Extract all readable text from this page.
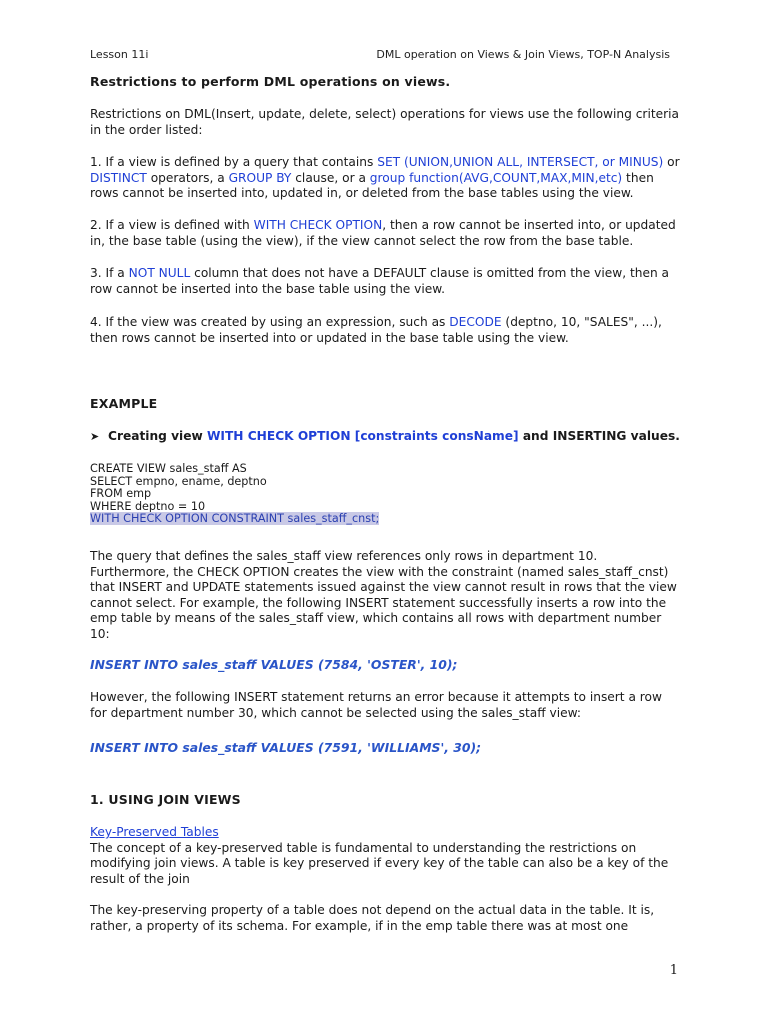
Lesson 11i	DML operation on Views & Join Views, TOP-N Analysis

Restrictions to perform DML operations on views.

Restrictions on DML(Insert, update, delete, select) operations for views use the following criteria in the order listed:

1. If a view is defined by a query that contains SET (UNION,UNION ALL, INTERSECT, or MINUS) or DISTINCT operators, a GROUP BY clause, or a group function(AVG,COUNT,MAX,MIN,etc) then rows cannot be inserted into, updated in, or deleted from the base tables using the view.

2. If a view is defined with WITH CHECK OPTION, then a row cannot be inserted into, or updated in, the base table (using the view), if the view cannot select the row from the base table.

3. If a NOT NULL column that does not have a DEFAULT clause is omitted from the view, then a row cannot be inserted into the base table using the view.

4. If the view was created by using an expression, such as DECODE (deptno, 10, "SALES", ...), then rows cannot be inserted into or updated in the base table using the view.

EXAMPLE

➤ Creating view WITH CHECK OPTION [constraints consName] and INSERTING values.

CREATE VIEW sales_staff AS

SELECT empno, ename, deptno

FROM emp

WHERE deptno = 10

WITH CHECK OPTION CONSTRAINT sales_staff_cnst;

The query that defines the sales_staff view references only rows in department 10. Furthermore, the CHECK OPTION creates the view with the constraint (named sales_staff_cnst) that INSERT and UPDATE statements issued against the view cannot result in rows that the view cannot select. For example, the following INSERT statement successfully inserts a row into the emp table by means of the sales_staff view, which contains all rows with department number 10:

INSERT INTO sales_staff VALUES (7584, 'OSTER', 10);

However, the following INSERT statement returns an error because it attempts to insert a row for department number 30, which cannot be selected using the sales_staff view:

INSERT INTO sales_staff VALUES (7591, 'WILLIAMS', 30);

1. USING JOIN VIEWS

Key-Preserved Tables

The concept of a key-preserved table is fundamental to understanding the restrictions on modifying join views. A table is key preserved if every key of the table can also be a key of the result of the join

The key-preserving property of a table does not depend on the actual data in the table. It is, rather, a property of its schema. For example, if in the emp table there was at most one

1
